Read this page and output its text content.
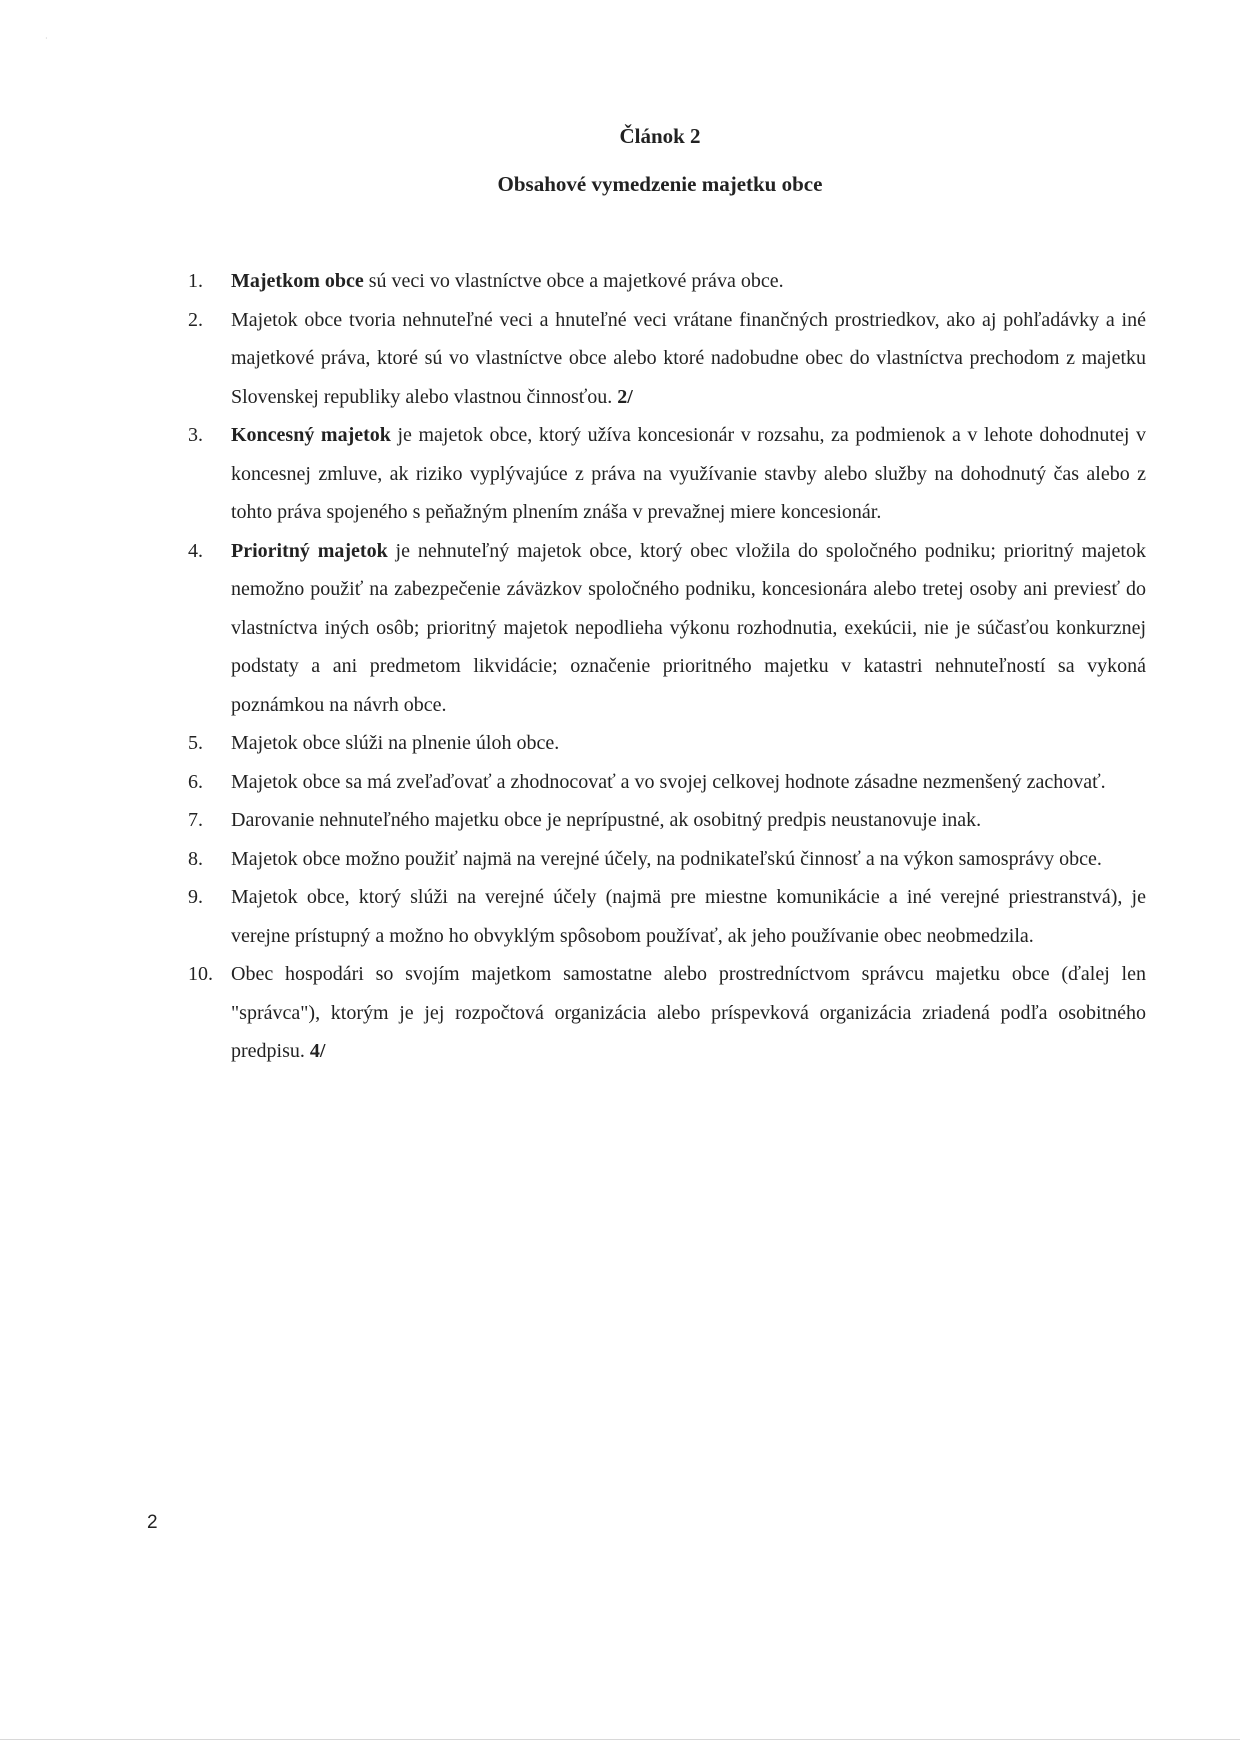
·
Článok 2
Obsahové vymedzenie majetku obce
1.	Majetkom obce sú veci vo vlastníctve obce a majetkové práva obce.
2.	Majetok obce tvoria nehnuteľné veci a hnuteľné veci vrátane finančných prostriedkov, ako aj pohľadávky a iné majetkové práva, ktoré sú vo vlastníctve obce alebo ktoré nadobudne obec do vlastníctva prechodom z majetku Slovenskej republiky alebo vlastnou činnosťou. 2/
3.	Koncesný majetok je majetok obce, ktorý užíva koncesionár v rozsahu, za podmienok a v lehote dohodnutej v koncesnej zmluve, ak riziko vyplývajúce z práva na využívanie stavby alebo služby na dohodnutý čas alebo z tohto práva spojeného s peňažným plnením znáša v prevažnej miere koncesionár.
4.	Prioritný majetok je nehnuteľný majetok obce, ktorý obec vložila do spoločného podniku; prioritný majetok nemožno použiť na zabezpečenie záväzkov spoločného podniku, koncesionára alebo tretej osoby ani previesť do vlastníctva iných osôb; prioritný majetok nepodlieha výkonu rozhodnutia, exekúcii, nie je súčasťou konkurznej podstaty a ani predmetom likvidácie; označenie prioritného majetku v katastri nehnuteľností sa vykoná poznámkou na návrh obce.
5.	Majetok obce slúži na plnenie úloh obce.
6.	Majetok obce sa má zveľaďovať a zhodnocovať a vo svojej celkovej hodnote zásadne nezmenšený zachovať.
7.	Darovanie nehnuteľného majetku obce je neprípustné, ak osobitný predpis neustanovuje inak.
8.	Majetok obce možno použiť najmä na verejné účely, na podnikateľskú činnosť a na výkon samosprávy obce.
9.	Majetok obce, ktorý slúži na verejné účely (najmä pre miestne komunikácie a iné verejné priestranstvá), je verejne prístupný a možno ho obvyklým spôsobom používať, ak jeho používanie obec neobmedzila.
10. Obec hospodári so svojím majetkom samostatne alebo prostredníctvom správcu majetku obce (ďalej len "správca"), ktorým je jej rozpočtová organizácia alebo príspevková organizácia zriadená podľa osobitného predpisu. 4/
2
